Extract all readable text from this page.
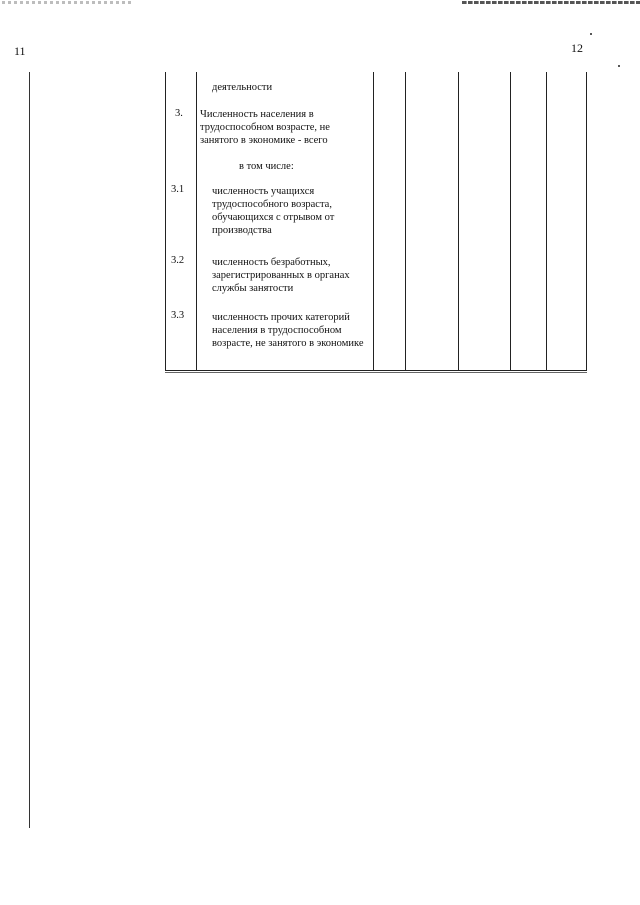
11	12
деятельности
3. Численность населения в трудоспособном возрасте, не занятого в экономике - всего
в том числе:
3.1	численность учащихся трудоспособного возраста, обучающихся с отрывом от производства
3.2	численность безработных, зарегистрированных в органах службы занятости
3.3	численность прочих категорий населения в трудоспособном возрасте, не занятого в экономике
